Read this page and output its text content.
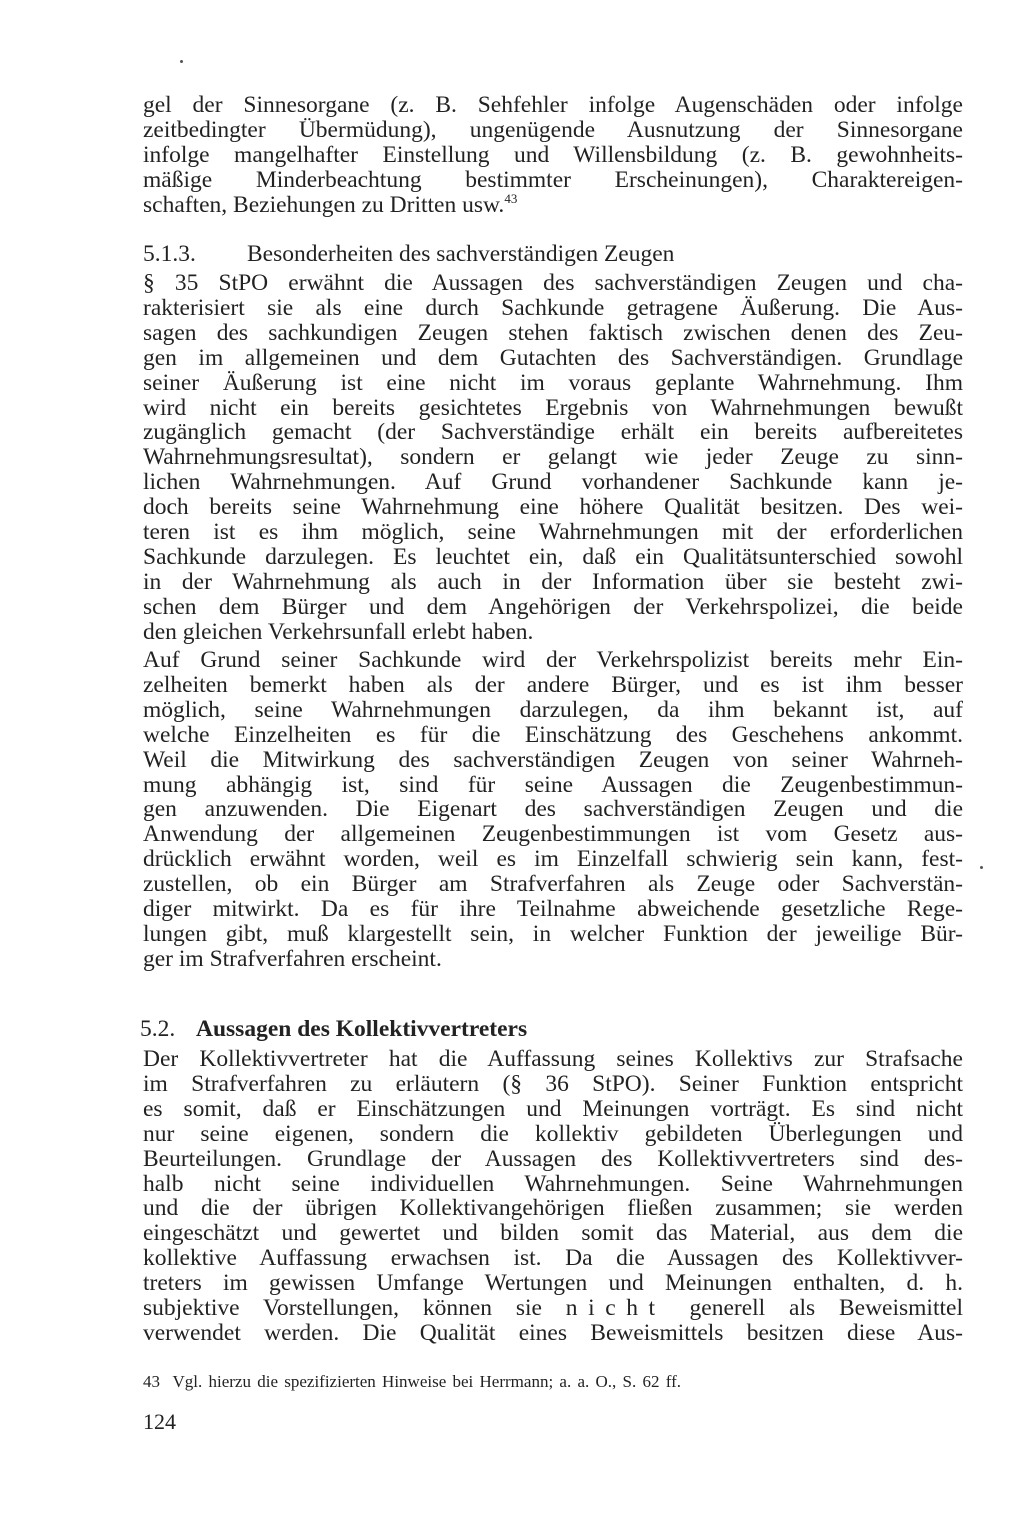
gel der Sinnesorgane (z. B. Sehfehler infolge Augenschäden oder infolge
zeitbedingter Übermüdung), ungenügende Ausnutzung der Sinnesorgane
infolge mangelhafter Einstellung und Willensbildung (z. B. gewohnheits-
mäßige Minderbeachtung bestimmter Erscheinungen), Charaktereigen-
schaften, Beziehungen zu Dritten usw.$^{43}$
5.1.3. Besonderheiten des sachverständigen Zeugen
§ 35 StPO erwähnt die Aussagen des sachverständigen Zeugen und cha-
rakterisiert sie als eine durch Sachkunde getragene Äußerung. Die Aus-
sagen des sachkundigen Zeugen stehen faktisch zwischen denen des Zeu-
gen im allgemeinen und dem Gutachten des Sachverständigen. Grundlage
seiner Äußerung ist eine nicht im voraus geplante Wahrnehmung. Ihm
wird nicht ein bereits gesichtetes Ergebnis von Wahrnehmungen bewußt
zugänglich gemacht (der Sachverständige erhält ein bereits aufbereitetes
Wahrnehmungsresultat), sondern er gelangt wie jeder Zeuge zu sinn-
lichen Wahrnehmungen. Auf Grund vorhandener Sachkunde kann je-
doch bereits seine Wahrnehmung eine höhere Qualität besitzen. Des wei-
teren ist es ihm möglich, seine Wahrnehmungen mit der erforderlichen
Sachkunde darzulegen. Es leuchtet ein, daß ein Qualitätsunterschied sowohl
in der Wahrnehmung als auch in der Information über sie besteht zwi-
schen dem Bürger und dem Angehörigen der Verkehrspolizei, die beide
den gleichen Verkehrsunfall erlebt haben.
Auf Grund seiner Sachkunde wird der Verkehrspolizist bereits mehr Ein-
zelheiten bemerkt haben als der andere Bürger, und es ist ihm besser
möglich, seine Wahrnehmungen darzulegen, da ihm bekannt ist, auf
welche Einzelheiten es für die Einschätzung des Geschehens ankommt.
Weil die Mitwirkung des sachverständigen Zeugen von seiner Wahrneh-
mung abhängig ist, sind für seine Aussagen die Zeugenbestimmun-
gen anzuwenden. Die Eigenart des sachverständigen Zeugen und die
Anwendung der allgemeinen Zeugenbestimmungen ist vom Gesetz aus-
drücklich erwähnt worden, weil es im Einzelfall schwierig sein kann, fest-
zustellen, ob ein Bürger am Strafverfahren als Zeuge oder Sachverstän-
diger mitwirkt. Da es für ihre Teilnahme abweichende gesetzliche Rege-
lungen gibt, muß klargestellt sein, in welcher Funktion der jeweilige Bür-
ger im Strafverfahren erscheint.
5.2. Aussagen des Kollektivvertreters
Der Kollektivvertreter hat die Auffassung seines Kollektivs zur Strafsache
im Strafverfahren zu erläutern (§ 36 StPO). Seiner Funktion entspricht
es somit, daß er Einschätzungen und Meinungen vorträgt. Es sind nicht
nur seine eigenen, sondern die kollektiv gebildeten Überlegungen und
Beurteilungen. Grundlage der Aussagen des Kollektivvertreters sind des-
halb nicht seine individuellen Wahrnehmungen. Seine Wahrnehmungen
und die der übrigen Kollektivangehörigen fließen zusammen; sie werden
eingeschätzt und gewertet und bilden somit das Material, aus dem die
kollektive Auffassung erwachsen ist. Da die Aussagen des Kollektivver-
treters im gewissen Umfange Wertungen und Meinungen enthalten, d. h.
subjektive Vorstellungen, können sie nicht generell als Beweismittel
verwendet werden. Die Qualität eines Beweismittels besitzen diese Aus-
43 Vgl. hierzu die spezifizierten Hinweise bei Herrmann; a. a. O., S. 62 ff.
124
